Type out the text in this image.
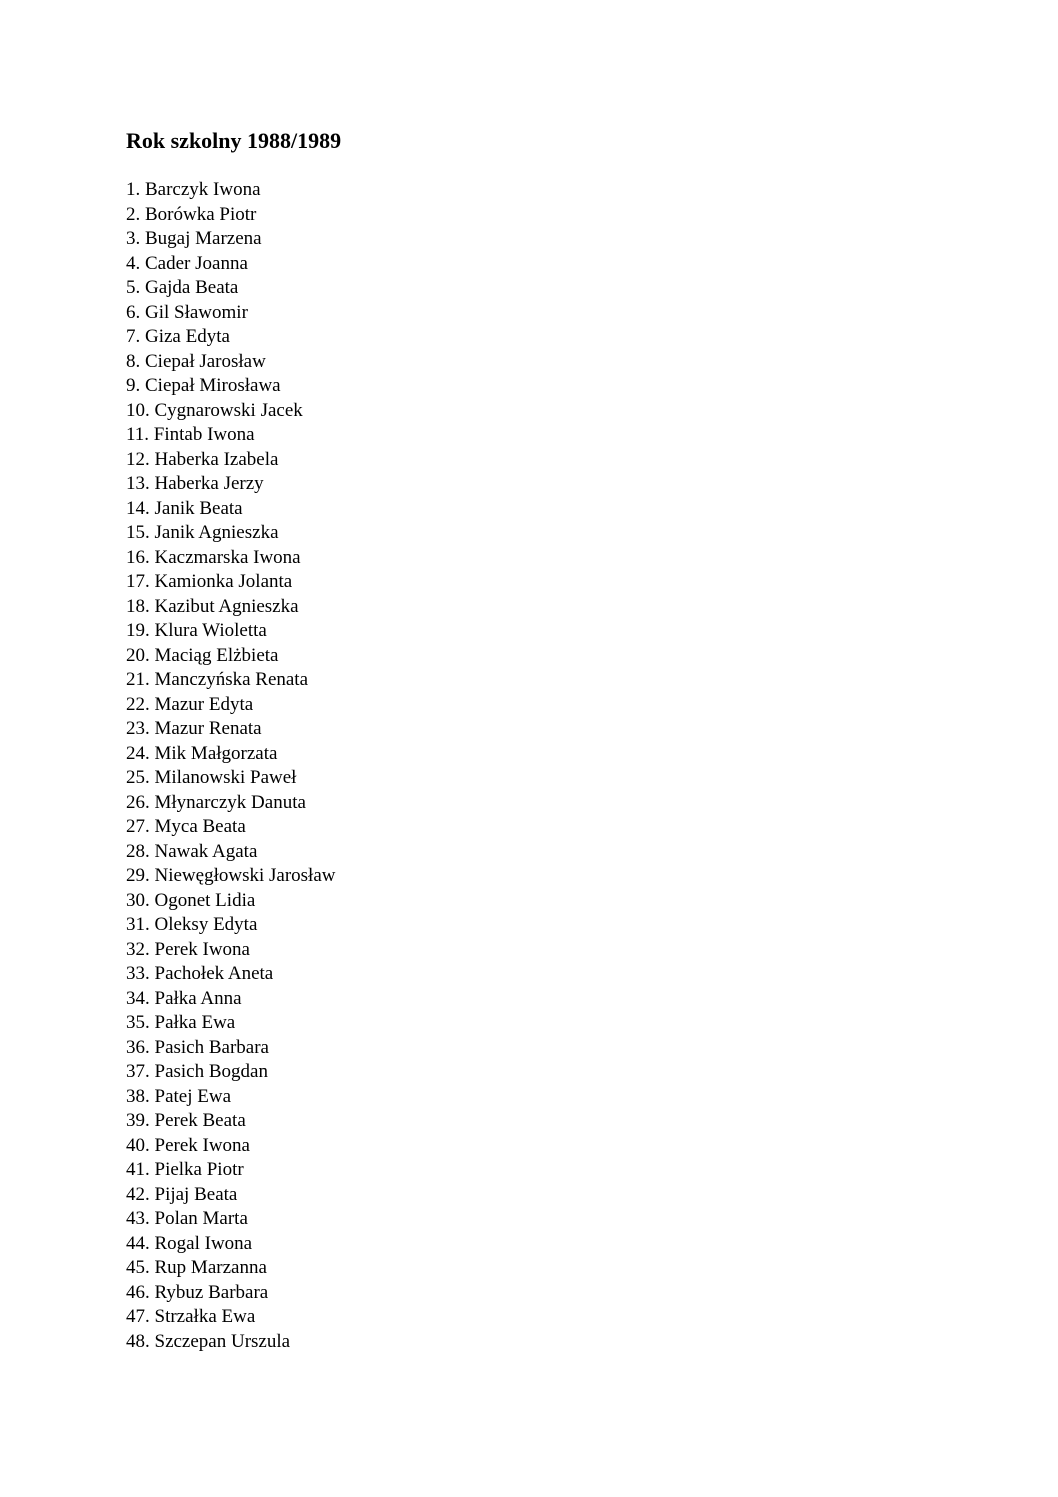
Rok szkolny 1988/1989
1. Barczyk Iwona
2. Borówka Piotr
3. Bugaj Marzena
4. Cader Joanna
5. Gajda Beata
6. Gil Sławomir
7. Giza Edyta
8. Ciepał Jarosław
9. Ciepał Mirosława
10. Cygnarowski Jacek
11. Fintab Iwona
12. Haberka Izabela
13. Haberka Jerzy
14. Janik Beata
15. Janik Agnieszka
16. Kaczmarska Iwona
17. Kamionka Jolanta
18. Kazibut Agnieszka
19. Klura Wioletta
20. Maciąg Elżbieta
21. Manczyńska Renata
22. Mazur Edyta
23. Mazur Renata
24. Mik Małgorzata
25. Milanowski Paweł
26. Młynarczyk Danuta
27. Myca Beata
28. Nawak Agata
29. Niewęgłowski Jarosław
30. Ogonet Lidia
31. Oleksy Edyta
32. Perek Iwona
33. Pachołek Aneta
34. Pałka Anna
35. Pałka Ewa
36. Pasich Barbara
37. Pasich Bogdan
38. Patej Ewa
39. Perek Beata
40. Perek Iwona
41. Pielka Piotr
42. Pijaj Beata
43. Polan Marta
44. Rogal Iwona
45. Rup Marzanna
46. Rybuz Barbara
47. Strzałka Ewa
48. Szczepan Urszula
